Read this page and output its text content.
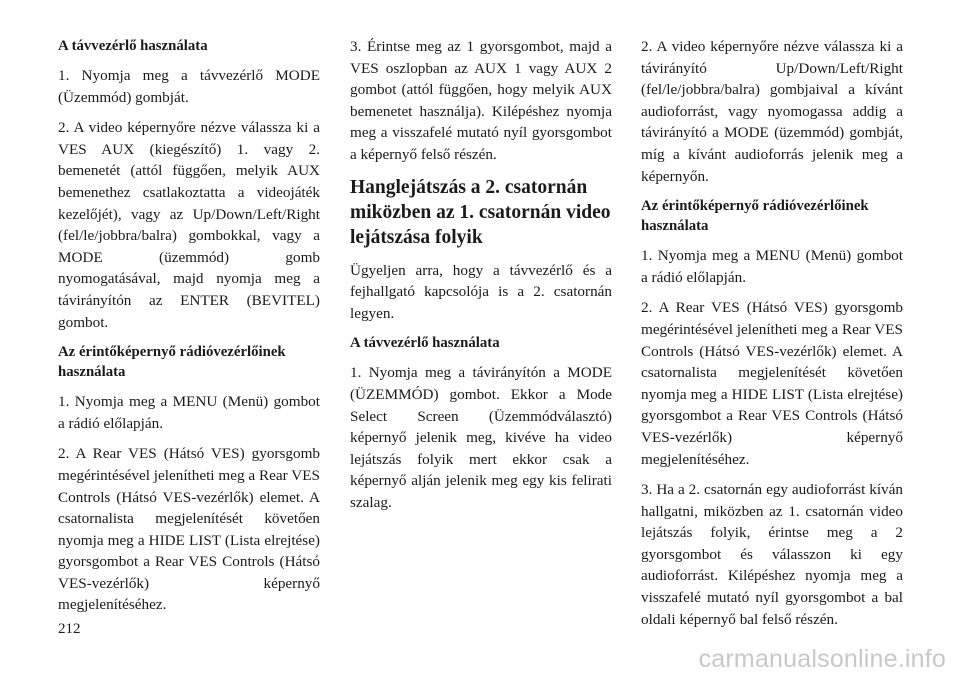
A távvezérlő használata

1. Nyomja meg a távvezérlő MODE (Üzemmód) gombját.

2. A video képernyőre nézve válassza ki a VES AUX (kiegészítő) 1. vagy 2. bemenetét (attól függően, melyik AUX bemenethez csatlakoztatta a videojáték kezelőjét), vagy az Up/Down/Left/Right (fel/le/jobbra/balra) gombokkal, vagy a MODE (üzemmód) gomb nyomogatásával, majd nyomja meg a távirányítón az ENTER (BEVITEL) gombot.

Az érintőképernyő rádióvezérlőinek használata

1. Nyomja meg a MENU (Menü) gombot a rádió előlapján.

2. A Rear VES (Hátsó VES) gyorsgomb megérintésével jelenítheti meg a Rear VES Controls (Hátsó VES-vezérlők) elemet. A csatornalista megjelenítését követően nyomja meg a HIDE LIST (Lista elrejtése) gyorsgombot a Rear VES Controls (Hátsó VES-vezérlők) képernyő megjelenítéséhez.

3. Érintse meg az 1 gyorsgombot, majd a VES oszlopban az AUX 1 vagy AUX 2 gombot (attól függően, hogy melyik AUX bemenetet használja). Kilépéshez nyomja meg a visszafelé mutató nyíl gyorsgombot a képernyő felső részén.

Hanglejátszás a 2. csatornán miközben az 1. csatornán video lejátszása folyik

Ügyeljen arra, hogy a távvezérlő és a fejhallgató kapcsolója is a 2. csatornán legyen.

A távvezérlő használata

1. Nyomja meg a távirányítón a MODE (ÜZEMMÓD) gombot. Ekkor a Mode Select Screen (Üzemmódválasztó) képernyő jelenik meg, kivéve ha video lejátszás folyik mert ekkor csak a képernyő alján jelenik meg egy kis felirati szalag.

2. A video képernyőre nézve válassza ki a távirányító Up/Down/Left/Right (fel/le/jobbra/balra) gombjaival a kívánt audioforrást, vagy nyomogassa addig a távirányító a MODE (üzemmód) gombját, míg a kívánt audioforrás jelenik meg a képernyőn.

Az érintőképernyő rádióvezérlőinek használata

1. Nyomja meg a MENU (Menü) gombot a rádió előlapján.

2. A Rear VES (Hátsó VES) gyorsgomb megérintésével jelenítheti meg a Rear VES Controls (Hátsó VES-vezérlők) elemet. A csatornalista megjelenítését követően nyomja meg a HIDE LIST (Lista elrejtése) gyorsgombot a Rear VES Controls (Hátsó VES-vezérlők) képernyő megjelenítéséhez.

3. Ha a 2. csatornán egy audioforrást kíván hallgatni, miközben az 1. csatornán video lejátszás folyik, érintse meg a 2 gyorsgombot és válasszon ki egy audioforrást. Kilépéshez nyomja meg a visszafelé mutató nyíl gyorsgombot a bal oldali képernyő bal felső részén.

212
carmanualsonline.info
